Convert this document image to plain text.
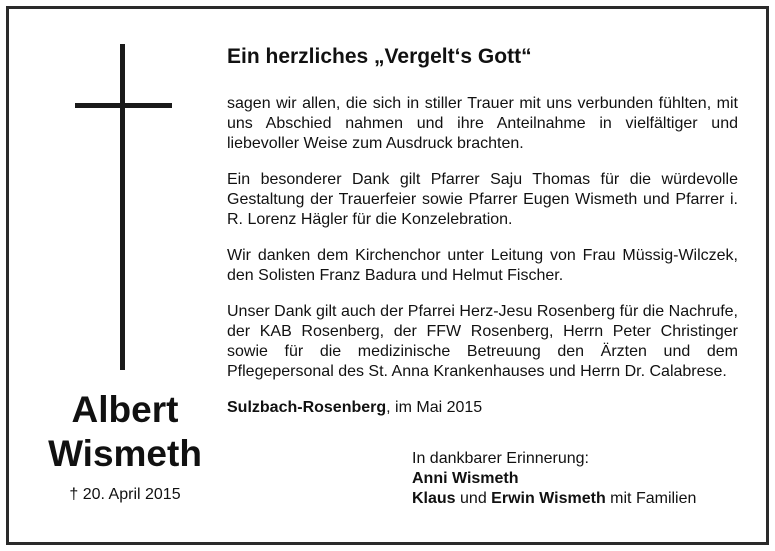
Albert
Wismeth
† 20. April 2015
Ein herzliches „Vergelt‘s Gott“

sagen wir allen, die sich in stiller Trauer mit uns verbunden fühlten, mit uns Abschied nahmen und ihre Anteilnahme in vielfältiger und liebevoller Weise zum Ausdruck brachten.

Ein besonderer Dank gilt Pfarrer Saju Thomas für die würdevolle Gestaltung der Trauerfeier sowie Pfarrer Eugen Wismeth und Pfarrer i. R. Lorenz Hägler für die Konzelebration.

Wir danken dem Kirchenchor unter Leitung von Frau Müssig-Wilczek, den Solisten Franz Badura und Helmut Fischer.

Unser Dank gilt auch der Pfarrei Herz-Jesu Rosenberg für die Nachrufe, der KAB Rosenberg, der FFW Rosenberg, Herrn Peter Christinger sowie für die medizinische Betreuung den Ärzten und dem Pflegepersonal des St. Anna Krankenhauses und Herrn Dr. Calabrese.

Sulzbach-Rosenberg, im Mai 2015

In dankbarer Erinnerung:
Anni Wismeth
Klaus und Erwin Wismeth mit Familien
